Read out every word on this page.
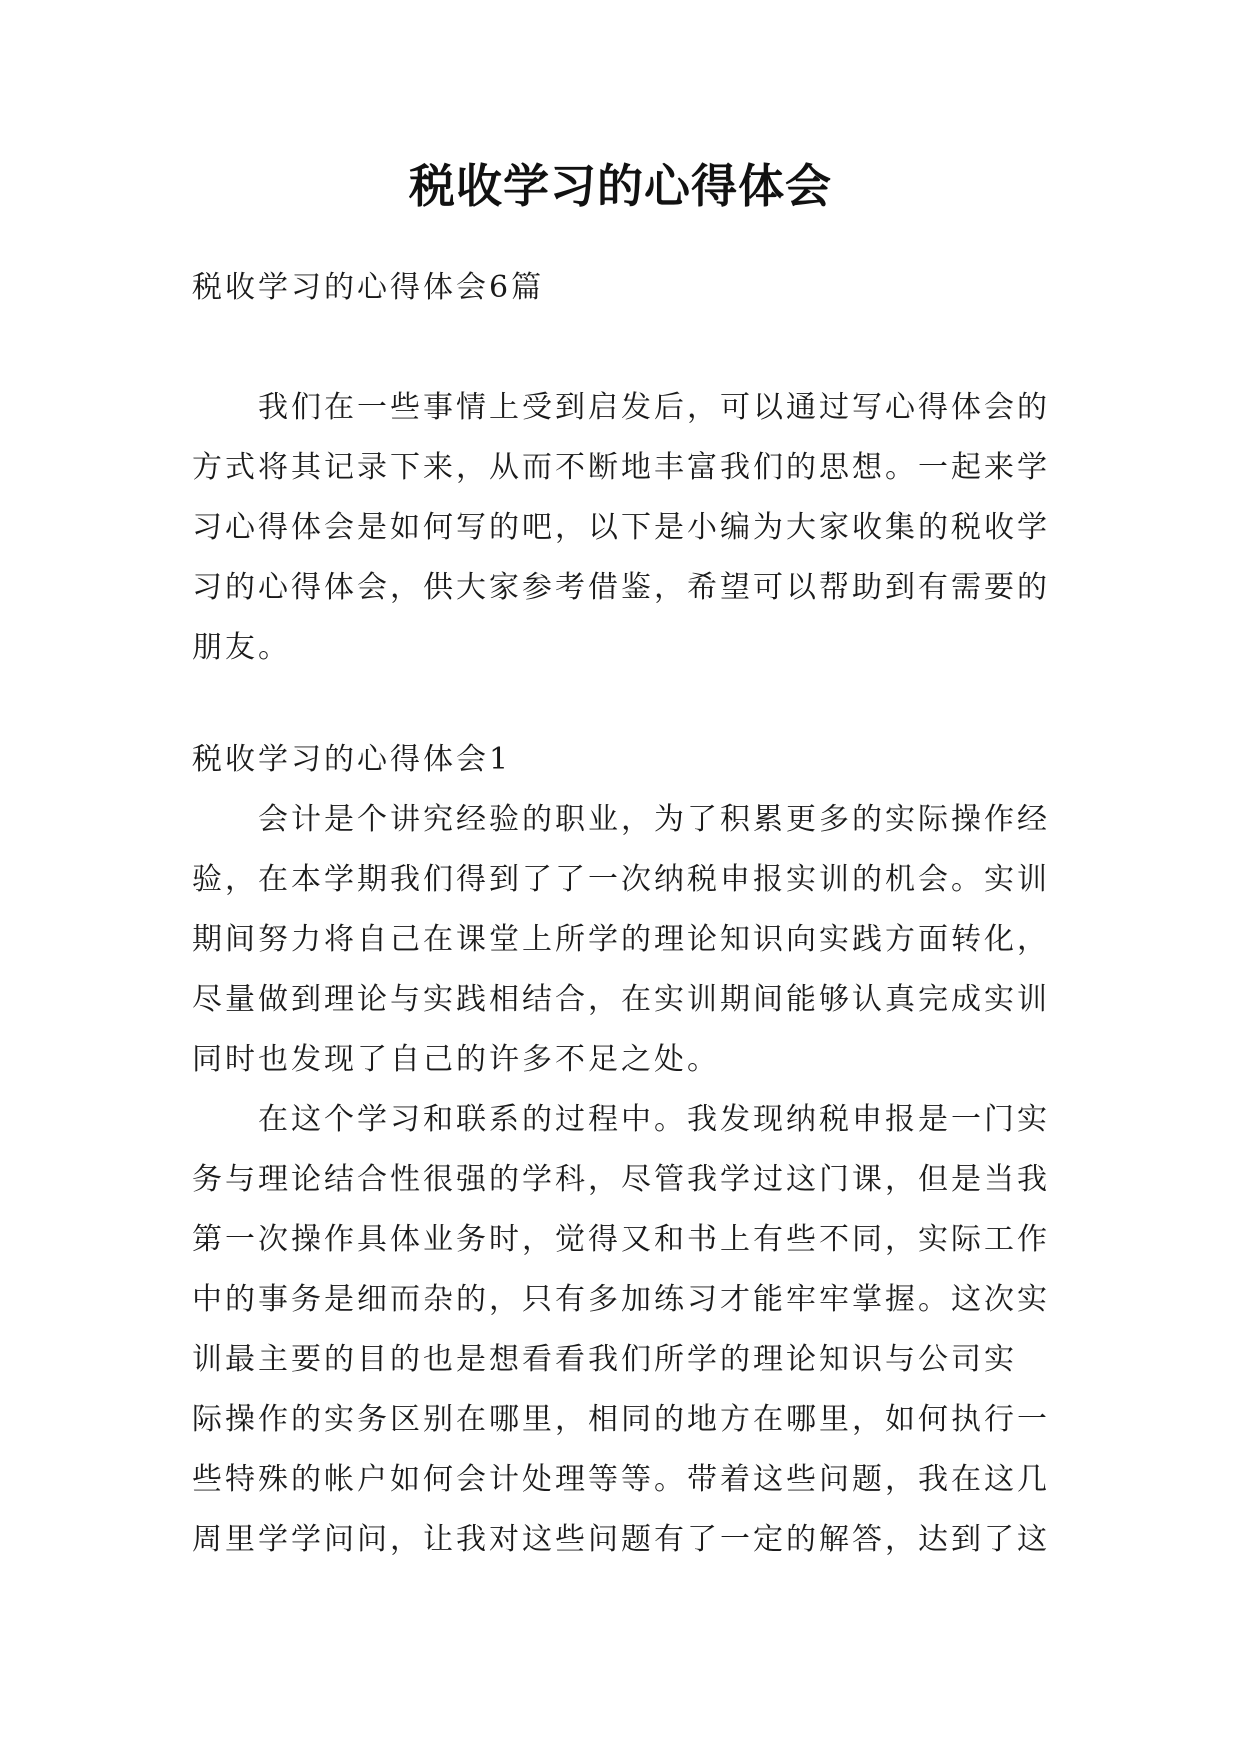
税收学习的心得体会
税收学习的心得体会6篇
我们在一些事情上受到启发后，可以通过写心得体会的
方式将其记录下来，从而不断地丰富我们的思想。一起来学
习心得体会是如何写的吧，以下是小编为大家收集的税收学
习的心得体会，供大家参考借鉴，希望可以帮助到有需要的
朋友。
税收学习的心得体会1
会计是个讲究经验的职业，为了积累更多的实际操作经
验，在本学期我们得到了了一次纳税申报实训的机会。实训
期间努力将自己在课堂上所学的理论知识向实践方面转化，
尽量做到理论与实践相结合，在实训期间能够认真完成实训
同时也发现了自己的许多不足之处。
在这个学习和联系的过程中。我发现纳税申报是一门实
务与理论结合性很强的学科，尽管我学过这门课，但是当我
第一次操作具体业务时，觉得又和书上有些不同，实际工作
中的事务是细而杂的，只有多加练习才能牢牢掌握。这次实
训最主要的目的也是想看看我们所学的理论知识与公司实
际操作的实务区别在哪里，相同的地方在哪里，如何执行一
些特殊的帐户如何会计处理等等。带着这些问题，我在这几
周里学学问问，让我对这些问题有了一定的解答，达到了这
